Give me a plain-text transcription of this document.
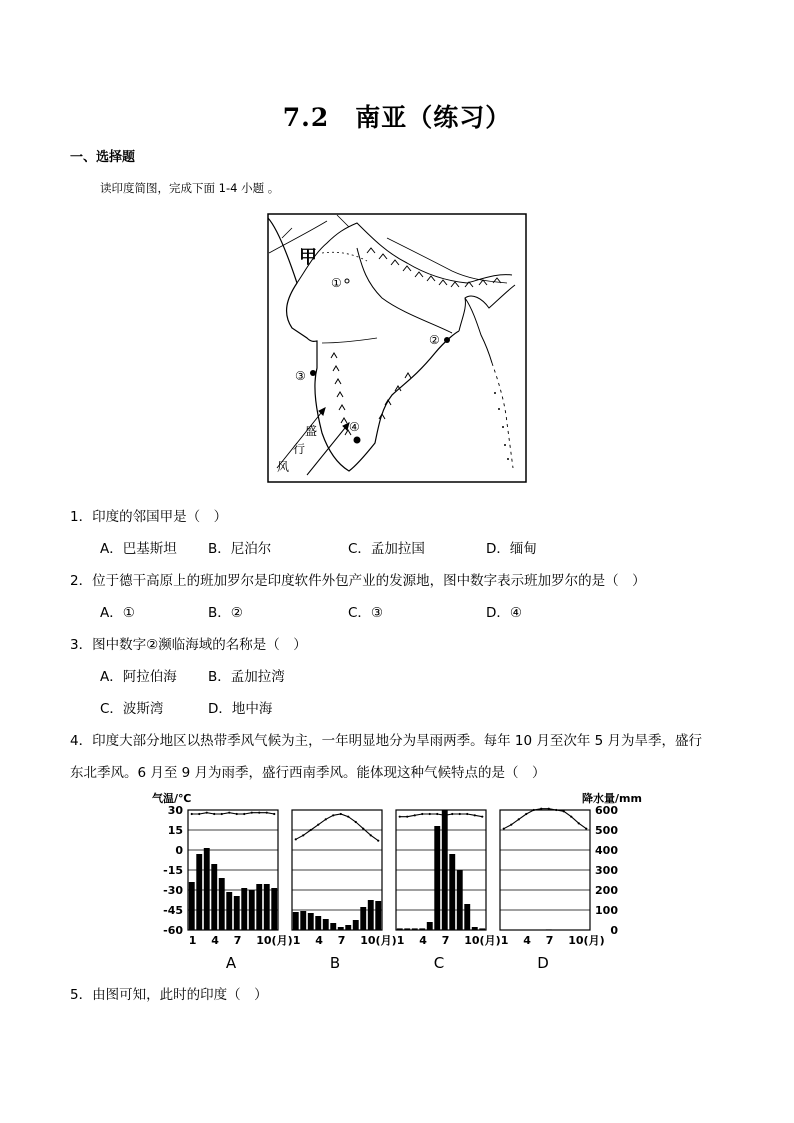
7.2　南亚（练习）
一、选择题
读印度简图，完成下面 1-4 小题 。
甲
①
②
③
④
盛
行
风
1．印度的邻国甲是（　）
A．巴基斯坦 B．尼泊尔	C．孟加拉国	D．缅甸
2．位于德干高原上的班加罗尔是印度软件外包产业的发源地，图中数字表示班加罗尔的是（　）
A．①	B．②	C．③	D．④
3．图中数字②濒临海域的名称是（　）
A．阿拉伯海 B．孟加拉湾
C．波斯湾	D．地中海
4．印度大部分地区以热带季风气候为主，一年明显地分为旱雨两季。每年 10 月至次年 5 月为旱季，盛行
东北季风。6 月至 9 月为雨季，盛行西南季风。能体现这种气候特点的是（　）
气温/℃	降水量/mm
30
15
0
-15
-30
-45
-60
600
500
400
300
200
100
0
1 4 7 10(月)
A
1 4 7 10(月)
B
1 4 7 10(月)
C
1 4 7 10(月)
D
5．由图可知，此时的印度（　）
